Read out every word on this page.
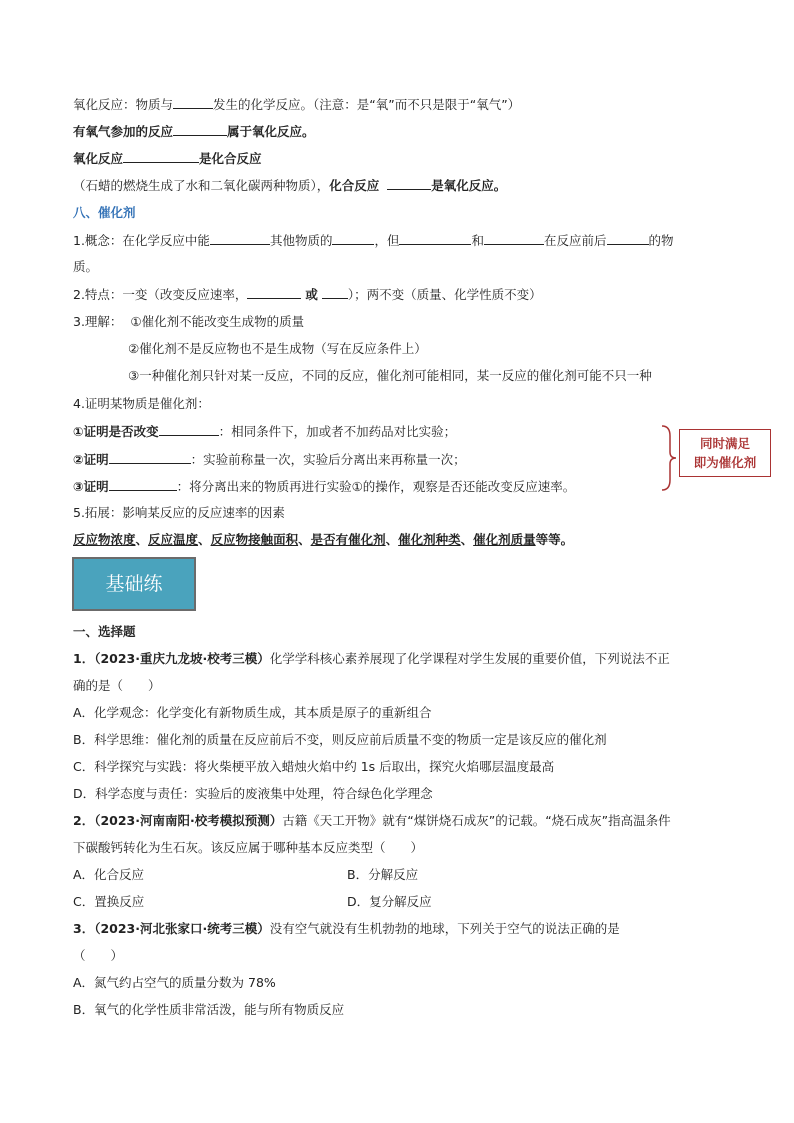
氧化反应：物质与	发生的化学反应。（注意：是“氧”而不只是限于“氧气”）
有氧气参加的反应	属于氧化反应。
氧化反应	是化合反应
（石蜡的燃烧生成了水和二氧化碳两种物质），化合反应	是氧化反应。
八、催化剂
1.概念：在化学反应中能	其他物质的	，但	和	在反应前后	的物
质。
2.特点：一变（改变反应速率，	或 ）；两不变（质量、化学性质不变）
3.理解： ①催化剂不能改变生成物的质量
②催化剂不是反应物也不是生成物（写在反应条件上）
③一种催化剂只针对某一反应，不同的反应，催化剂可能相同，某一反应的催化剂可能不只一种
4.证明某物质是催化剂：
①证明是否改变	：相同条件下，加或者不加药品对比实验；
②证明	：实验前称量一次，实验后分离出来再称量一次；
③证明	：将分离出来的物质再进行实验①的操作，观察是否还能改变反应速率。
同时满足
即为催化剂
5.拓展：影响某反应的反应速率的因素
反应物浓度、反应温度、反应物接触面积、是否有催化剂、催化剂种类、催化剂质量等等。
基础练
一、选择题
1．（2023·重庆九龙坡·校考三模）化学学科核心素养展现了化学课程对学生发展的重要价值，下列说法不正
确的是（　　）
A．化学观念：化学变化有新物质生成，其本质是原子的重新组合
B．科学思维：催化剂的质量在反应前后不变，则反应前后质量不变的物质一定是该反应的催化剂
C．科学探究与实践：将火柴梗平放入蜡烛火焰中约 1s 后取出，探究火焰哪层温度最高
D．科学态度与责任：实验后的废液集中处理，符合绿色化学理念
2．（2023·河南南阳·校考模拟预测）古籍《天工开物》就有“煤饼烧石成灰”的记载。“烧石成灰”指高温条件
下碳酸钙转化为生石灰。该反应属于哪种基本反应类型（　　）
A．化合反应	B．分解反应
C．置换反应	D．复分解反应
3．（2023·河北张家口·统考三模）没有空气就没有生机勃勃的地球，下列关于空气的说法正确的是
（　　）
A．氮气约占空气的质量分数为 78%
B．氧气的化学性质非常活泼，能与所有物质反应
